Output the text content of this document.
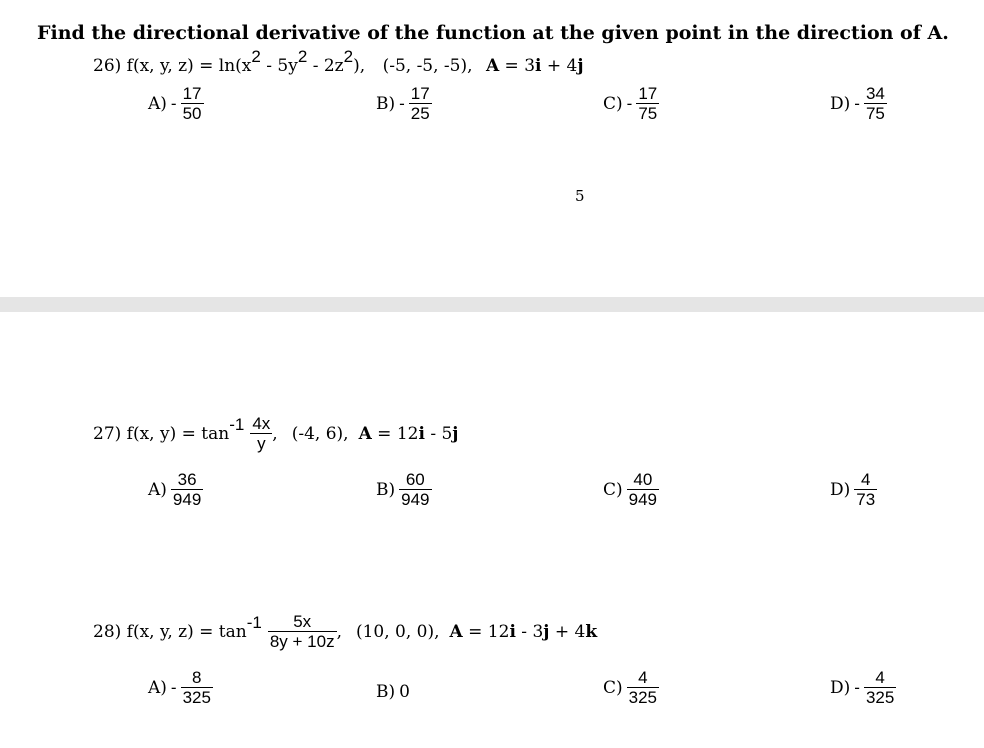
Find the directional derivative of the function at the given point in the direction of A.
26) f(x, y, $z) = \ln(x^2 - 5y^2 - 2z^2)$, (-5, -5, -5), A = 3i + 4j
$A) - \frac{17}{50}$	$B) - \frac{17}{25}$	$C) - \frac{17}{75}$	$D) - \frac{34}{75}$
5
27) f(x, $y) = \tan^{-1} \frac{4x}{y}$ , (-4, 6), A = 12i - 5j
$A) \frac{36}{949}$	$B) \frac{60}{949}$	$C) \frac{40}{949}$	$D) \frac{4}{73}$
28) f(x, y, $z) = \tan^{-1} \frac{5x}{8y + 10z}$ , (10, 0, 0), A = 12i - 3j + 4k
$A) - \frac{8}{325}$	B) 0	$C) \frac{4}{325}$	$D) - \frac{4}{325}$
